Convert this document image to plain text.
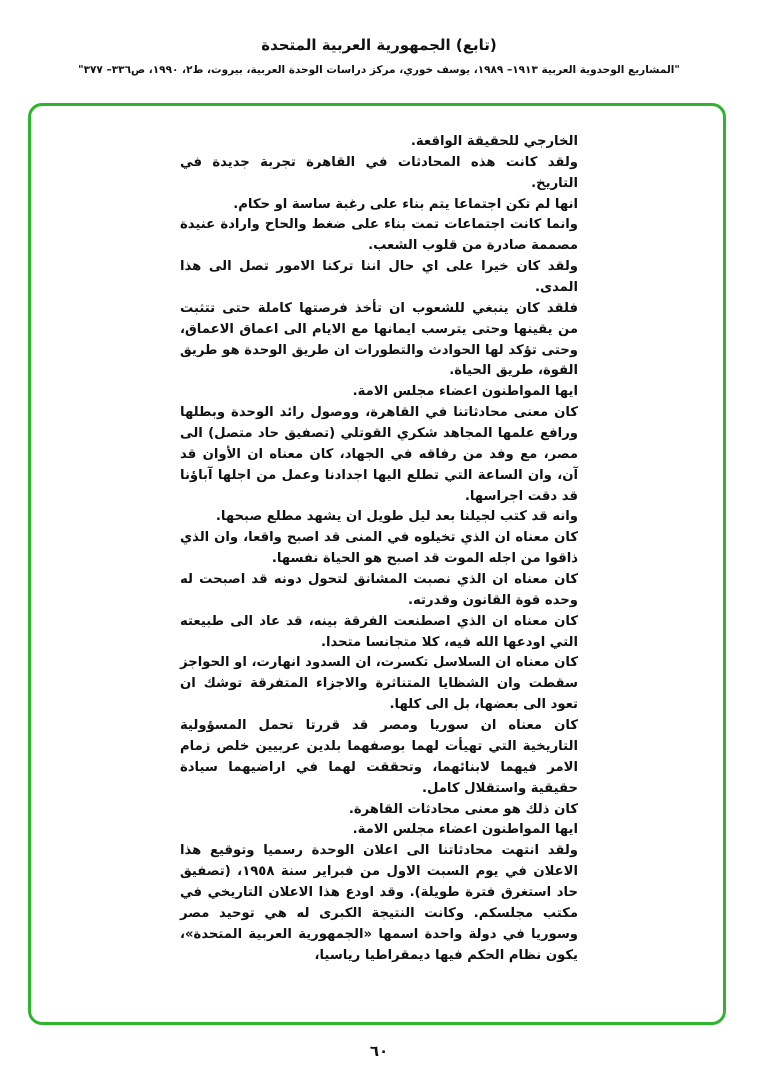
(تابع) الجمهورية العربية المتحدة
"المشاريع الوحدوية العربية ١٩١٣– ١٩٨٩، يوسف خوري، مركز دراسات الوحدة العربية، بيروت، ط٢، ١٩٩٠، ص٣٣٦– ٣٧٧"

الخارجي للحقيقة الواقعة.

ولقد كانت هذه المحادثات في القاهرة تجربة جديدة في التاريخ.

انها لم تكن اجتماعا يتم بناء على رغبة ساسة او حكام.

وانما كانت اجتماعات تمت بناء على ضغط والحاح وارادة عنيدة مصممة صادرة من قلوب الشعب.

ولقد كان خيرا على اي حال اننا تركنا الامور تصل الى هذا المدى.

فلقد كان ينبغي للشعوب ان تأخذ فرصتها كاملة حتى تتثبت من يقينها وحتى يترسب ايمانها مع الايام الى اعماق الاعماق، وحتى تؤكد لها الحوادث والتطورات ان طريق الوحدة هو طريق القوة، طريق الحياة.

ايها المواطنون اعضاء مجلس الامة.

كان معنى محادثاتنا في القاهرة، ووصول رائد الوحدة وبطلها ورافع علمها المجاهد شكري القوتلي (تصفيق حاد متصل) الى مصر، مع وفد من رفاقه في الجهاد، كان معناه ان الأوان قد آن، وان الساعة التي تطلع اليها اجدادنا وعمل من اجلها آباؤنا قد دقت اجراسها.

وانه قد كتب لجيلنا بعد ليل طويل ان يشهد مطلع صبحها.

كان معناه ان الذي تخيلوه في المنى قد اصبح واقعا، وان الذي ذاقوا من اجله الموت قد اصبح هو الحياة نفسها.

كان معناه ان الذي نصبت المشانق لتحول دونه قد اصبحت له وحده قوة القانون وقدرته.

كان معناه ان الذي اصطنعت الفرقة بينه، قد عاد الى طبيعته التي اودعها الله فيه، كلا متجانسا متحدا.

كان معناه ان السلاسل تكسرت، ان السدود انهارت، او الحواجز سقطت وان الشظايا المتناثرة والاجزاء المتفرقة توشك ان تعود الى بعضها، بل الى كلها.

كان معناه ان سوريا ومصر قد قررتا تحمل المسؤولية التاريخية التي تهيأت لهما بوصفهما بلدين عربيين خلص زمام الامر فيهما لابنائهما، وتحققت لهما في اراضيهما سيادة حقيقية واستقلال كامل.

كان ذلك هو معنى محادثات القاهرة.

ايها المواطنون اعضاء مجلس الامة.

ولقد انتهت محادثاتنا الى اعلان الوحدة رسميا وتوقيع هذا الاعلان في يوم السبت الاول من فبراير سنة ١٩٥٨، (تصفيق حاد استغرق فترة طويلة). وقد اودع هذا الاعلان التاريخي في مكتب مجلسكم. وكانت النتيجة الكبرى له هي توحيد مصر وسوريا في دولة واحدة اسمها «الجمهورية العربية المتحدة»، يكون نظام الحكم فيها ديمقراطيا رياسيا،

٦٠
